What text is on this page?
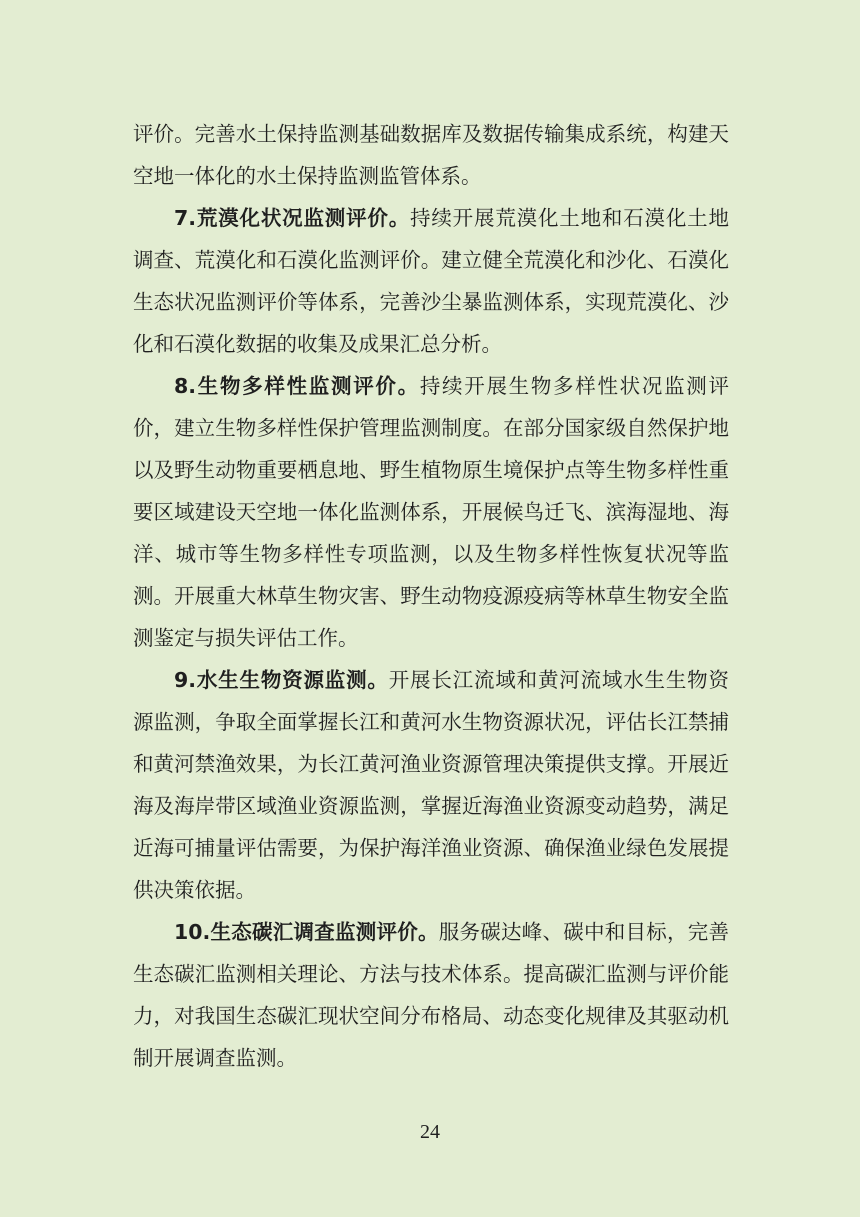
评价。完善水土保持监测基础数据库及数据传输集成系统，构建天空地一体化的水土保持监测监管体系。

7.荒漠化状况监测评价。持续开展荒漠化土地和石漠化土地调查、荒漠化和石漠化监测评价。建立健全荒漠化和沙化、石漠化生态状况监测评价等体系，完善沙尘暴监测体系，实现荒漠化、沙化和石漠化数据的收集及成果汇总分析。

8.生物多样性监测评价。持续开展生物多样性状况监测评价，建立生物多样性保护管理监测制度。在部分国家级自然保护地以及野生动物重要栖息地、野生植物原生境保护点等生物多样性重要区域建设天空地一体化监测体系，开展候鸟迁飞、滨海湿地、海洋、城市等生物多样性专项监测，以及生物多样性恢复状况等监测。开展重大林草生物灾害、野生动物疫源疫病等林草生物安全监测鉴定与损失评估工作。

9.水生生物资源监测。开展长江流域和黄河流域水生生物资源监测，争取全面掌握长江和黄河水生物资源状况，评估长江禁捕和黄河禁渔效果，为长江黄河渔业资源管理决策提供支撑。开展近海及海岸带区域渔业资源监测，掌握近海渔业资源变动趋势，满足近海可捕量评估需要，为保护海洋渔业资源、确保渔业绿色发展提供决策依据。

10.生态碳汇调查监测评价。服务碳达峰、碳中和目标，完善生态碳汇监测相关理论、方法与技术体系。提高碳汇监测与评价能力，对我国生态碳汇现状空间分布格局、动态变化规律及其驱动机制开展调查监测。

24
